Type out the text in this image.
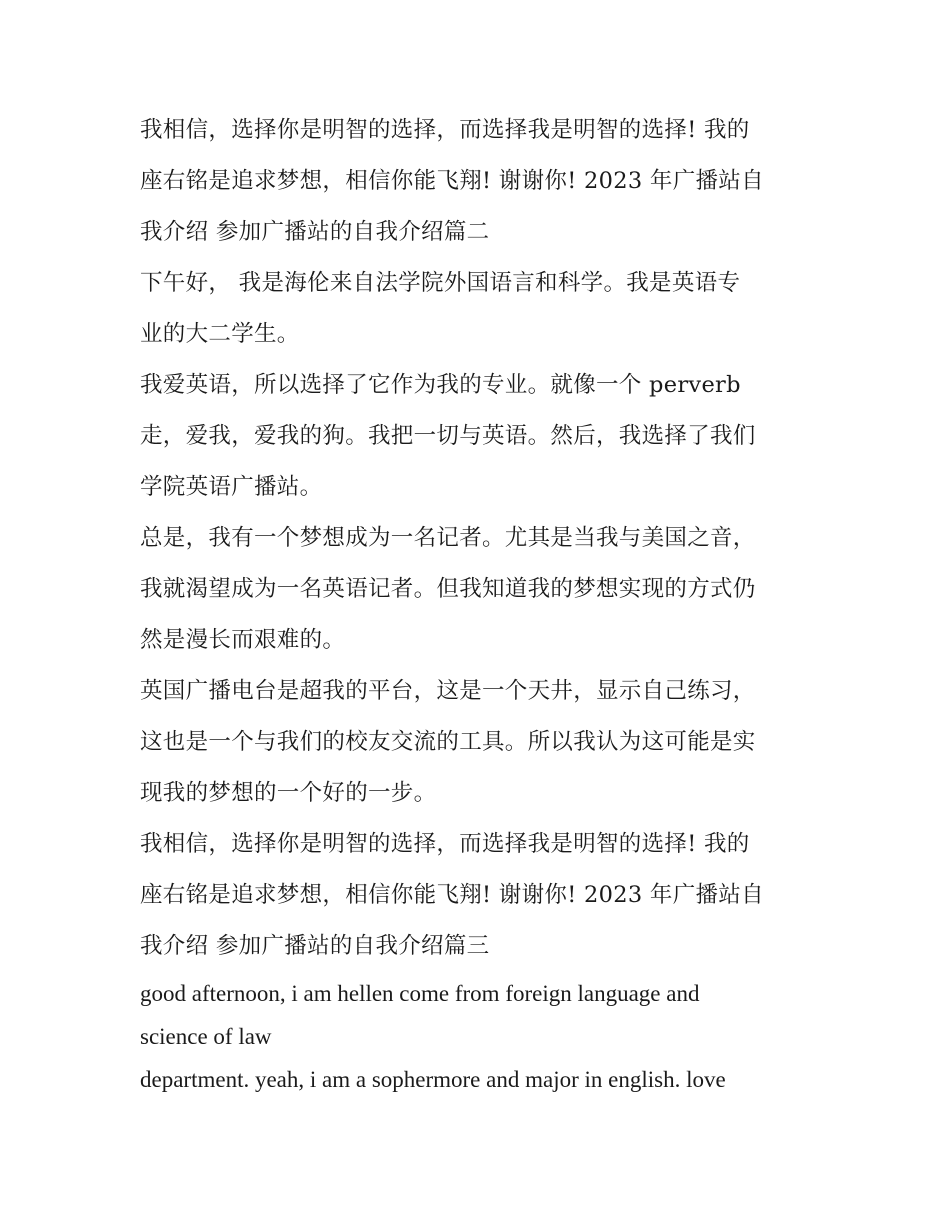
我相信，选择你是明智的选择，而选择我是明智的选择! 我的
座右铭是追求梦想，相信你能飞翔! 谢谢你! 2023 年广播站自
我介绍 参加广播站的自我介绍篇二

下午好， 我是海伦来自法学院外国语言和科学。我是英语专
业的大二学生。

我爱英语，所以选择了它作为我的专业。就像一个 perverb
走，爱我，爱我的狗。我把一切与英语。然后，我选择了我们
学院英语广播站。

总是，我有一个梦想成为一名记者。尤其是当我与美国之音，
我就渴望成为一名英语记者。但我知道我的梦想实现的方式仍
然是漫长而艰难的。

英国广播电台是超我的平台，这是一个天井，显示自己练习，
这也是一个与我们的校友交流的工具。所以我认为这可能是实
现我的梦想的一个好的一步。

我相信，选择你是明智的选择，而选择我是明智的选择! 我的
座右铭是追求梦想，相信你能飞翔! 谢谢你! 2023 年广播站自
我介绍 参加广播站的自我介绍篇三

good afternoon, i am hellen come from foreign language and
science of law

department. yeah, i am a sophermore and major in english. love
